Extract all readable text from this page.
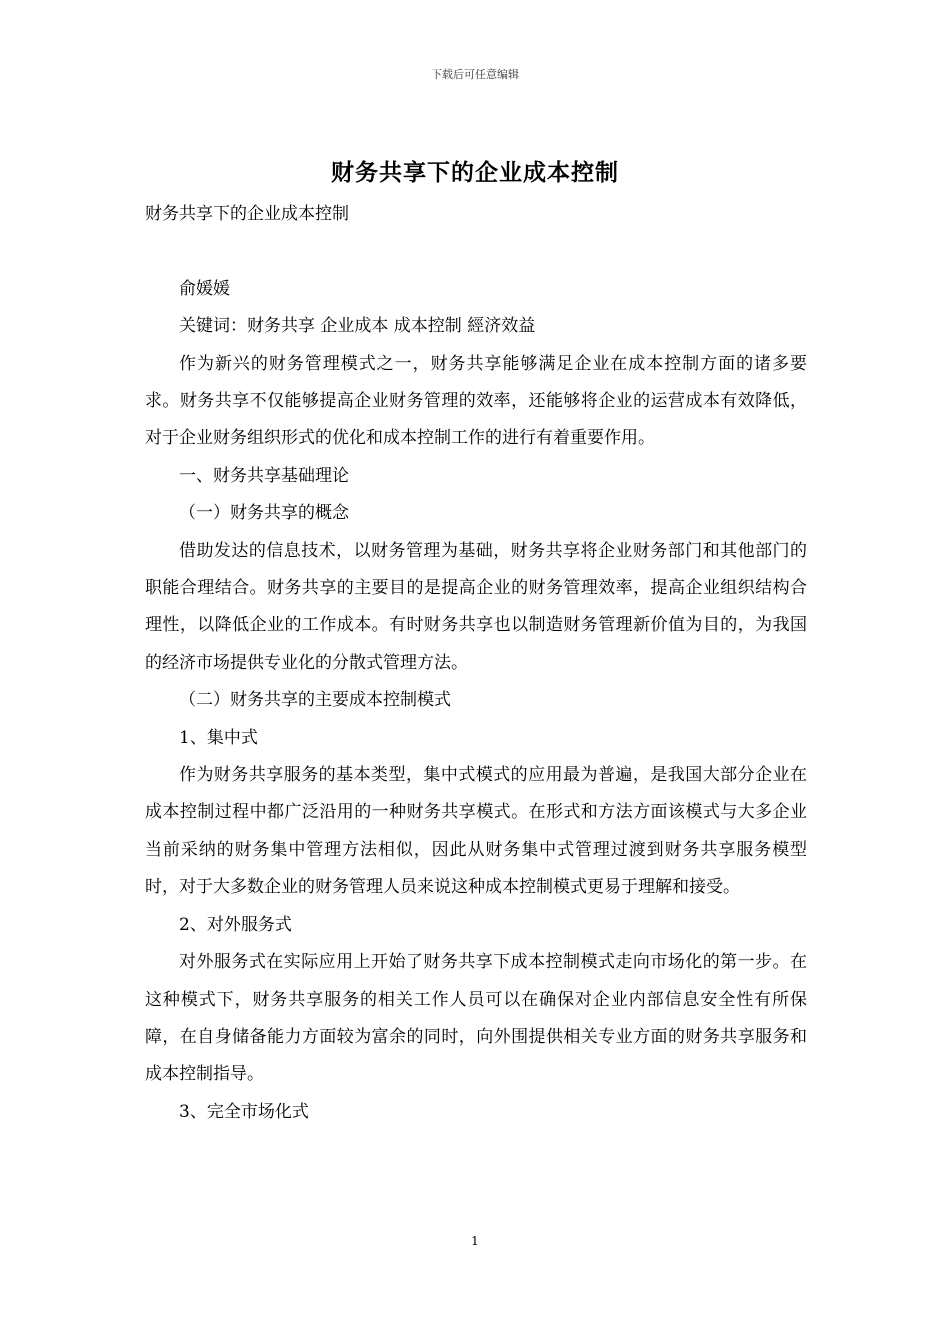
下载后可任意编辑
财务共享下的企业成本控制

财务共享下的企业成本控制

俞媛媛

关键词：财务共享 企业成本 成本控制 經济效益

作为新兴的财务管理模式之一，财务共享能够满足企业在成本控制方面的诸多要求。财务共享不仅能够提高企业财务管理的效率，还能够将企业的运营成本有效降低，对于企业财务组织形式的优化和成本控制工作的进行有着重要作用。

一、财务共享基础理论

（一）财务共享的概念

借助发达的信息技术，以财务管理为基础，财务共享将企业财务部门和其他部门的职能合理结合。财务共享的主要目的是提高企业的财务管理效率，提高企业组织结构合理性，以降低企业的工作成本。有时财务共享也以制造财务管理新价值为目的，为我国的经济市场提供专业化的分散式管理方法。

（二）财务共享的主要成本控制模式

1、集中式

作为财务共享服务的基本类型，集中式模式的应用最为普遍，是我国大部分企业在成本控制过程中都广泛沿用的一种财务共享模式。在形式和方法方面该模式与大多企业当前采纳的财务集中管理方法相似，因此从财务集中式管理过渡到财务共享服务模型时，对于大多数企业的财务管理人员来说这种成本控制模式更易于理解和接受。

2、对外服务式

对外服务式在实际应用上开始了财务共享下成本控制模式走向市场化的第一步。在这种模式下，财务共享服务的相关工作人员可以在确保对企业内部信息安全性有所保障，在自身储备能力方面较为富余的同时，向外围提供相关专业方面的财务共享服务和成本控制指导。

3、完全市场化式

1
